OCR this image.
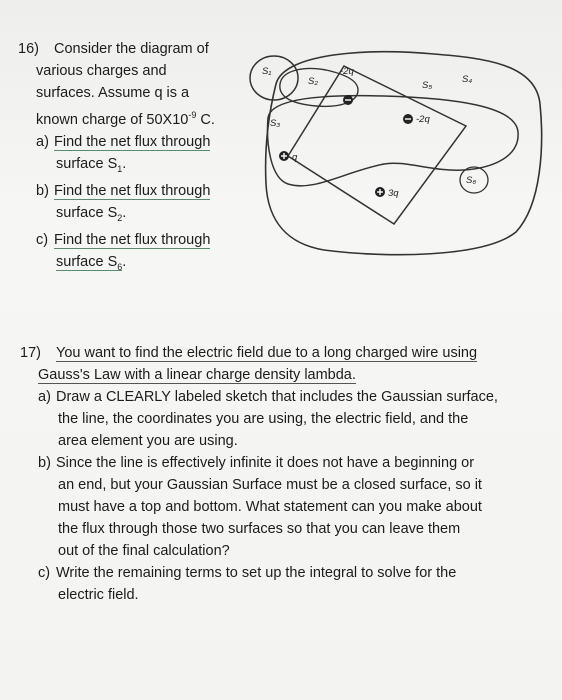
16) Consider the diagram of
various charges and
surfaces. Assume q is a
known charge of $50X10^{-9}$ C.
a) Find the net flux through
surface $S_1$.
b) Find the net flux through
surface $S_2$.
c) Find the net flux through
surface $S_6$.
S₁
S₂
S₃
S₄
S₅
S₆
-2q
-2q
q
3q
17) You want to find the electric field due to a long charged wire using
Gauss's Law with a linear charge density lambda.
a) Draw a CLEARLY labeled sketch that includes the Gaussian surface,
the line, the coordinates you are using, the electric field, and the
area element you are using.
b) Since the line is effectively infinite it does not have a beginning or
an end, but your Gaussian Surface must be a closed surface, so it
must have a top and bottom. What statement can you make about
the flux through those two surfaces so that you can leave them
out of the final calculation?
c) Write the remaining terms to set up the integral to solve for the
electric field.
